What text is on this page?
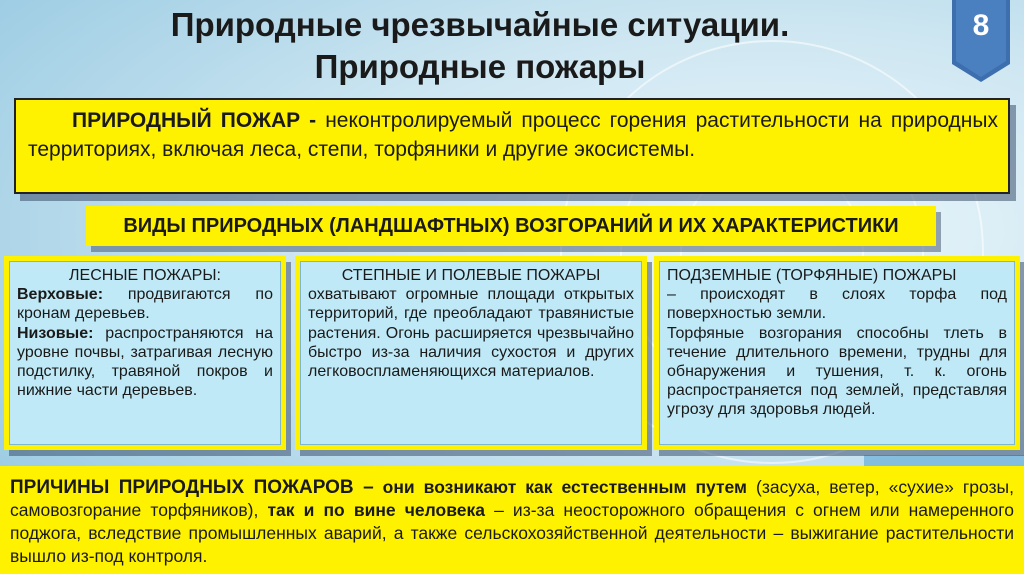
Природные чрезвычайные ситуации.
Природные пожары
8
ПРИРОДНЫЙ ПОЖАР - неконтролируемый процесс горения растительности на природных территориях, включая леса, степи, торфяники и другие экосистемы.
ВИДЫ ПРИРОДНЫХ (ЛАНДШАФТНЫХ) ВОЗГОРАНИЙ И ИХ ХАРАКТЕРИСТИКИ
ЛЕСНЫЕ ПОЖАРЫ:
Верховые: продвигаются по кронам деревьев.
Низовые: распространяются на уровне почвы, затрагивая лесную подстилку, травяной покров и нижние части деревьев.
СТЕПНЫЕ И ПОЛЕВЫЕ ПОЖАРЫ
охватывают огромные площади открытых территорий, где преобладают травянистые растения. Огонь расширяется чрезвычайно быстро из-за наличия сухостоя и других легковоспламеняющихся материалов.
ПОДЗЕМНЫЕ (ТОРФЯНЫЕ) ПОЖАРЫ
– происходят в слоях торфа под поверхностью земли.
Торфяные возгорания способны тлеть в течение длительного времени, трудны для обнаружения и тушения, т. к. огонь распространяется под землей, представляя угрозу для здоровья людей.
ПРИЧИНЫ ПРИРОДНЫХ ПОЖАРОВ – они возникают как естественным путем (засуха, ветер, «сухие» грозы, самовозгорание торфяников), так и по вине человека – из-за неосторожного обращения с огнем или намеренного поджога, вследствие промышленных аварий, а также сельскохозяйственной деятельности – выжигание растительности вышло из-под контроля.
